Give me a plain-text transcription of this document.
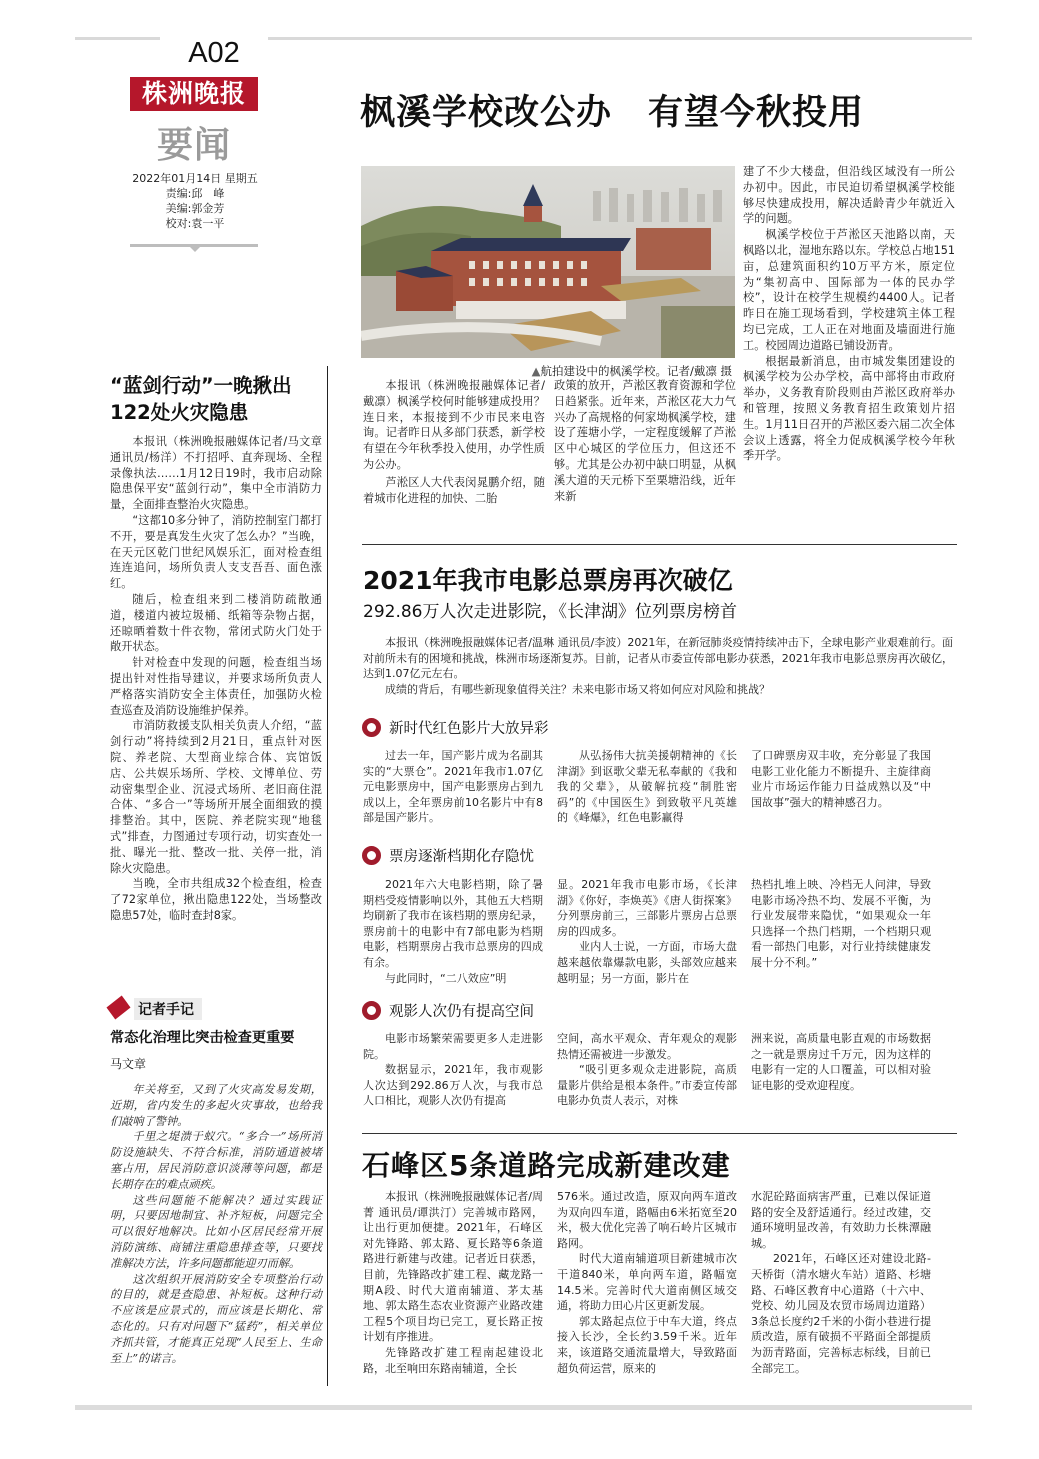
A02
株洲晚报
要闻
2022年01月14日 星期五
责编:邱　峰
美编:郭金芳
校对:袁一平
枫溪学校改公办　有望今秋投用
▲航拍建设中的枫溪学校。记者/戴凛 摄

本报讯（株洲晚报融媒体记者/戴凛）枫溪学校何时能够建成投用？连日来，本报接到不少市民来电咨询。记者昨日从多部门获悉，新学校有望在今年秋季投入使用，办学性质为公办。

芦淞区人大代表闵晁鹏介绍，随着城市化进程的加快、二胎

政策的放开，芦淞区教育资源和学位日趋紧张。近年来，芦淞区花大力气兴办了高规格的何家坳枫溪学校，建设了莲塘小学，一定程度缓解了芦淞区中心城区的学位压力，但这还不够。尤其是公办初中缺口明显，从枫溪大道的天元桥下至栗塘沿线，近年来新

建了不少大楼盘，但沿线区域没有一所公办初中。因此，市民迫切希望枫溪学校能够尽快建成投用，解决适龄青少年就近入学的问题。

枫溪学校位于芦淞区天池路以南，天枫路以北，湿地东路以东。学校总占地151亩，总建筑面积约10万平方米，原定位为“集初高中、国际部为一体的民办学校”，设计在校学生规模约4400人。记者昨日在施工现场看到，学校建筑主体工程均已完成，工人正在对地面及墙面进行施工。校园周边道路已铺设沥青。

根据最新消息，由市城发集团建设的枫溪学校为公办学校，高中部将由市政府举办，义务教育阶段则由芦淞区政府举办和管理，按照义务教育招生政策划片招生。1月11日召开的芦淞区委六届二次全体会议上透露，将全力促成枫溪学校今年秋季开学。

“蓝剑行动”一晚揪出122处火灾隐患

本报讯（株洲晚报融媒体记者/马文章 通讯员/杨洋）不打招呼、直奔现场、全程录像执法……1月12日19时，我市启动除隐患保平安“蓝剑行动”，集中全市消防力量，全面排查整治火灾隐患。

“这都10多分钟了，消防控制室门都打不开，要是真发生火灾了怎么办？”当晚，在天元区乾门世纪风娱乐汇，面对检查组连连追问，场所负责人支支吾吾、面色涨红。

随后，检查组来到二楼消防疏散通道，楼道内被垃圾桶、纸箱等杂物占据，还晾晒着数十件衣物，常闭式防火门处于敞开状态。

针对检查中发现的问题，检查组当场提出针对性指导建议，并要求场所负责人严格落实消防安全主体责任，加强防火检查巡查及消防设施维护保养。

市消防救援支队相关负责人介绍，“蓝剑行动”将持续到2月21日，重点针对医院、养老院、大型商业综合体、宾馆饭店、公共娱乐场所、学校、文博单位、劳动密集型企业、沉浸式场所、老旧商住混合体、“多合一”等场所开展全面细致的摸排整治。其中，医院、养老院实现“地毯式”排查，力图通过专项行动，切实查处一批、曝光一批、整改一批、关停一批，消除火灾隐患。

当晚，全市共组成32个检查组，检查了72家单位，揪出隐患122处，当场整改隐患57处，临时查封8家。

记者手记
常态化治理比突击检查更重要
马文章

年关将至，又到了火灾高发易发期，近期，省内发生的多起火灾事故，也给我们敲响了警钟。

千里之堤溃于蚁穴。“多合一”场所消防设施缺失、不符合标准，消防通道被堵塞占用，居民消防意识淡薄等问题，都是长期存在的难点顽疾。

这些问题能不能解决？通过实践证明，只要因地制宜、补齐短板，问题完全可以很好地解决。比如小区居民经常开展消防演练、商铺注重隐患排查等，只要找准解决方法，许多问题都能迎刃而解。

这次组织开展消防安全专项整治行动的目的，就是查隐患、补短板。这种行动不应该是应景式的，而应该是长期化、常态化的。只有对问题下“猛药”，相关单位齐抓共管，才能真正兑现“人民至上、生命至上”的诺言。

2021年我市电影总票房再次破亿
292.86万人次走进影院，《长津湖》位列票房榜首

本报讯（株洲晚报融媒体记者/温琳 通讯员/李波）2021年，在新冠肺炎疫情持续冲击下，全球电影产业艰难前行。面对前所未有的困境和挑战，株洲市场逐渐复苏。目前，记者从市委宣传部电影办获悉，2021年我市电影总票房再次破亿，达到1.07亿元左右。

成绩的背后，有哪些新现象值得关注？未来电影市场又将如何应对风险和挑战？

新时代红色影片大放异彩

过去一年，国产影片成为名副其实的“大票仓”。2021年我市1.07亿元电影票房中，国产电影票房占到九成以上，全年票房前10名影片中有8部是国产影片。

从弘扬伟大抗美援朝精神的《长津湖》到讴歌父辈无私奉献的《我和我的父辈》，从破解抗疫“制胜密码”的《中国医生》到致敬平凡英雄的《峰爆》，红色电影赢得

了口碑票房双丰收，充分彰显了我国电影工业化能力不断提升、主旋律商业片市场运作能力日益成熟以及“中国故事”强大的精神感召力。

票房逐渐档期化存隐忧

2021年六大电影档期，除了暑期档受疫情影响以外，其他五大档期均刷新了我市在该档期的票房纪录，票房前十的电影中有7部电影为档期电影，档期票房占我市总票房的四成有余。

与此同时，“二八效应”明

显。2021年我市电影市场，《长津湖》《你好，李焕英》《唐人街探案》分列票房前三，三部影片票房占总票房的四成多。

业内人士说，一方面，市场大盘越来越依靠爆款电影，头部效应越来越明显；另一方面，影片在

热档扎堆上映、冷档无人问津，导致电影市场冷热不均、发展不平衡，为行业发展带来隐忧，“如果观众一年只选择一个热门档期，一个档期只观看一部热门电影，对行业持续健康发展十分不利。”

观影人次仍有提高空间

电影市场繁荣需要更多人走进影院。

数据显示，2021年，我市观影人次达到292.86万人次，与我市总人口相比，观影人次仍有提高

空间，高水平观众、青年观众的观影热情还需被进一步激发。

“吸引更多观众走进影院，高质量影片供给是根本条件。”市委宣传部电影办负责人表示，对株

洲来说，高质量电影直观的市场数据之一就是票房过千万元，因为这样的电影有一定的人口覆盖，可以相对验证电影的受欢迎程度。

石峰区5条道路完成新建改建

本报讯（株洲晚报融媒体记者/周菁 通讯员/谭洪汀）完善城市路网，让出行更加便捷。2021年，石峰区对先锋路、郭太路、夏长路等6条道路进行新建与改建。记者近日获悉，目前，先锋路改扩建工程、藏龙路一期A段、时代大道南辅道、茅太基地、郭太路生态农业资源产业路改建工程5个项目均已完工，夏长路正按计划有序推进。

先锋路改扩建工程南起建设北路，北至响田东路南辅道，全长

576米。通过改造，原双向两车道改为双向四车道，路幅由6米拓宽至20米，极大优化完善了响石岭片区城市路网。

时代大道南辅道项目新建城市次干道840米，单向两车道，路幅宽14.5米。完善时代大道南侧区域交通，将助力田心片区更新发展。

郭太路起点位于中车大道，终点接入长沙，全长约3.59千米。近年来，该道路交通流量增大，导致路面超负荷运营，原来的

水泥砼路面病害严重，已难以保证道路的安全及舒适通行。经过改建，交通环境明显改善，有效助力长株潭融城。

2021年，石峰区还对建设北路-天桥街（清水塘火车站）道路、杉塘路、石峰区教育中心道路（十六中、党校、幼儿园及农贸市场周边道路）3条总长度约2千米的小街小巷进行提质改造，原有破损不平路面全部提质为沥青路面，完善标志标线，目前已全部完工。
